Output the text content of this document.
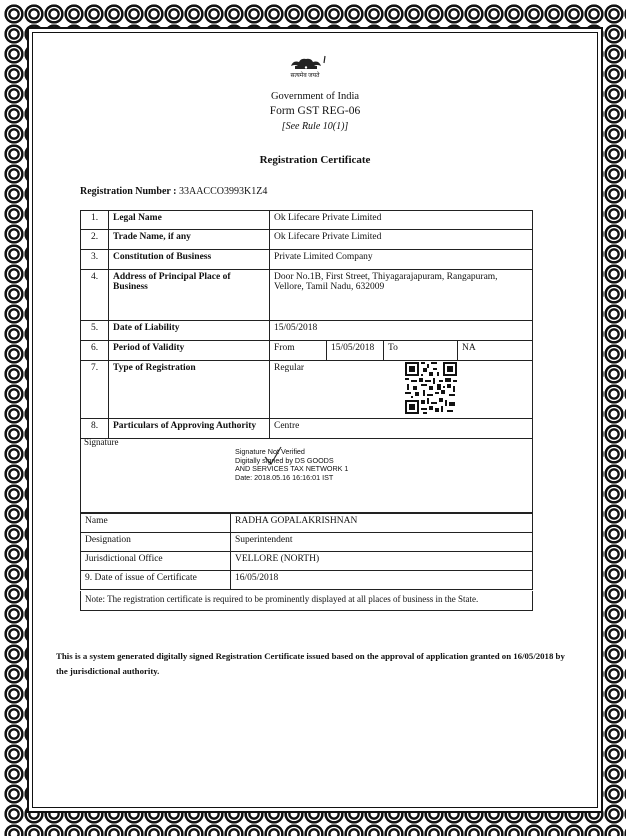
सत्यमेव जयते
Government of India
Form GST REG-06
[See Rule 10(1)]
Registration Certificate
Registration Number : 33AACCO3993K1Z4
1.	Legal Name	Ok Lifecare Private Limited			
2.	Trade Name, if any	Ok Lifecare Private Limited			
3.	Constitution of Business	Private Limited Company			
4.	Address of Principal Place of Business	Door No.1B, First Street, Thiyagarajapuram, Rangapuram, Vellore, Tamil Nadu, 632009			
5.	Date of Liability	15/05/2018			
6.	Period of Validity	From	15/05/2018	To	NA
7.	Type of Registration	Regular			
8.	Particulars of Approving Authority	Centre			
Signature
Signature Not Verified
Digitally signed by DS GOODS
AND SERVICES TAX NETWORK 1
Date: 2018.05.16 16:16:01 IST
Name	RADHA GOPALAKRISHNAN
Designation	Superintendent
Jurisdictional Office	VELLORE (NORTH)
9. Date of issue of Certificate	16/05/2018
Note: The registration certificate is required to be prominently displayed at all places of business in the State.
This is a system generated digitally signed Registration Certificate issued based on the approval of application granted on 16/05/2018 by the jurisdictional authority.
